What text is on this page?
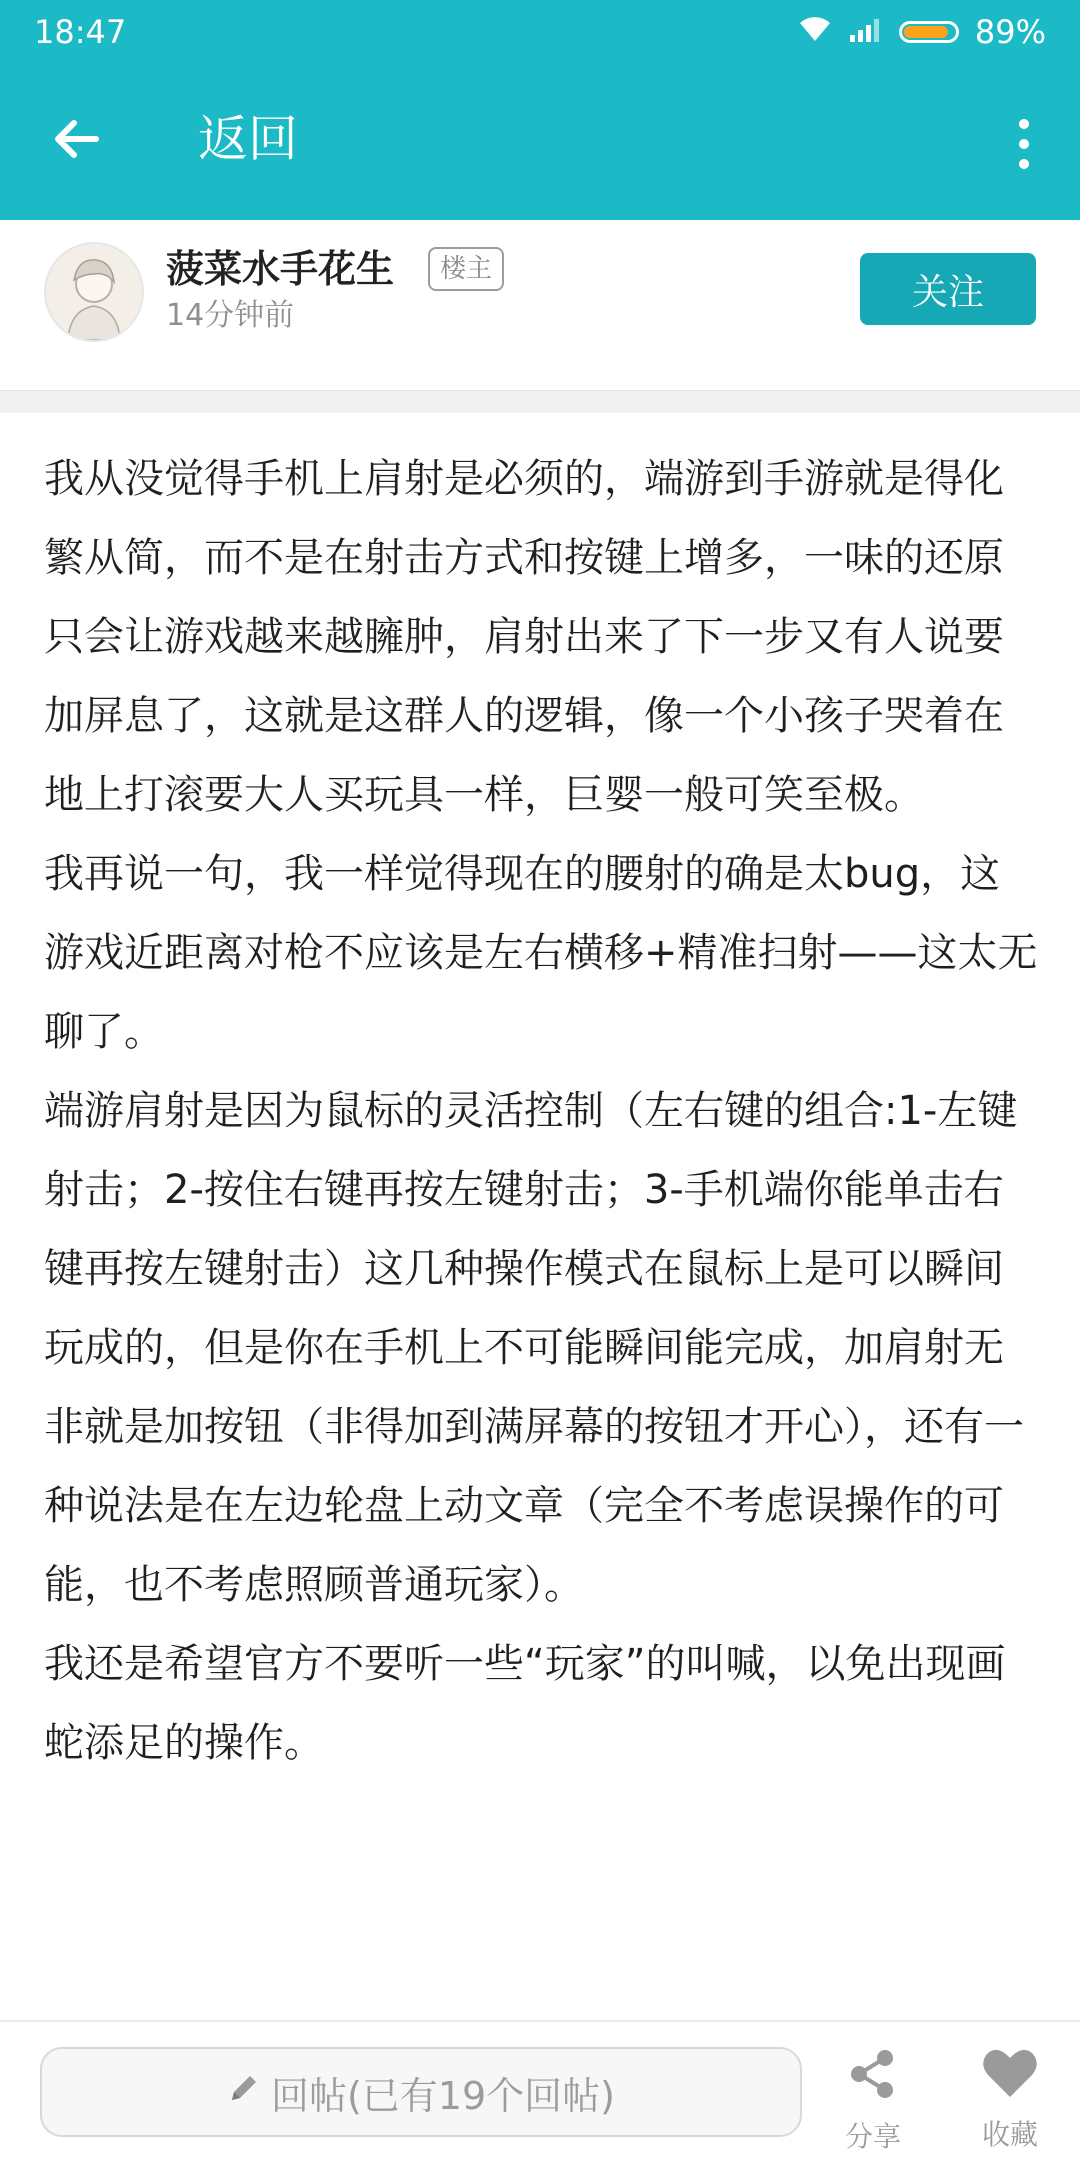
18:47	89%
返回
菠菜水手花生	楼主
14分钟前
关注

我从没觉得手机上肩射是必须的，端游到手游就是得化繁从简，而不是在射击方式和按键上增多，一味的还原只会让游戏越来越臃肿，肩射出来了下一步又有人说要加屏息了，这就是这群人的逻辑，像一个小孩子哭着在地上打滚要大人买玩具一样，巨婴一般可笑至极。

我再说一句，我一样觉得现在的腰射的确是太bug，这游戏近距离对枪不应该是左右横移+精准扫射——这太无聊了。

端游肩射是因为鼠标的灵活控制（左右键的组合:1-左键射击；2-按住右键再按左键射击；3-手机端你能单击右键再按左键射击）这几种操作模式在鼠标上是可以瞬间玩成的，但是你在手机上不可能瞬间能完成，加肩射无非就是加按钮（非得加到满屏幕的按钮才开心），还有一种说法是在左边轮盘上动文章（完全不考虑误操作的可能，也不考虑照顾普通玩家）。

我还是希望官方不要听一些“玩家”的叫喊，以免出现画蛇添足的操作。

回帖(已有19个回帖)
分享	收藏
